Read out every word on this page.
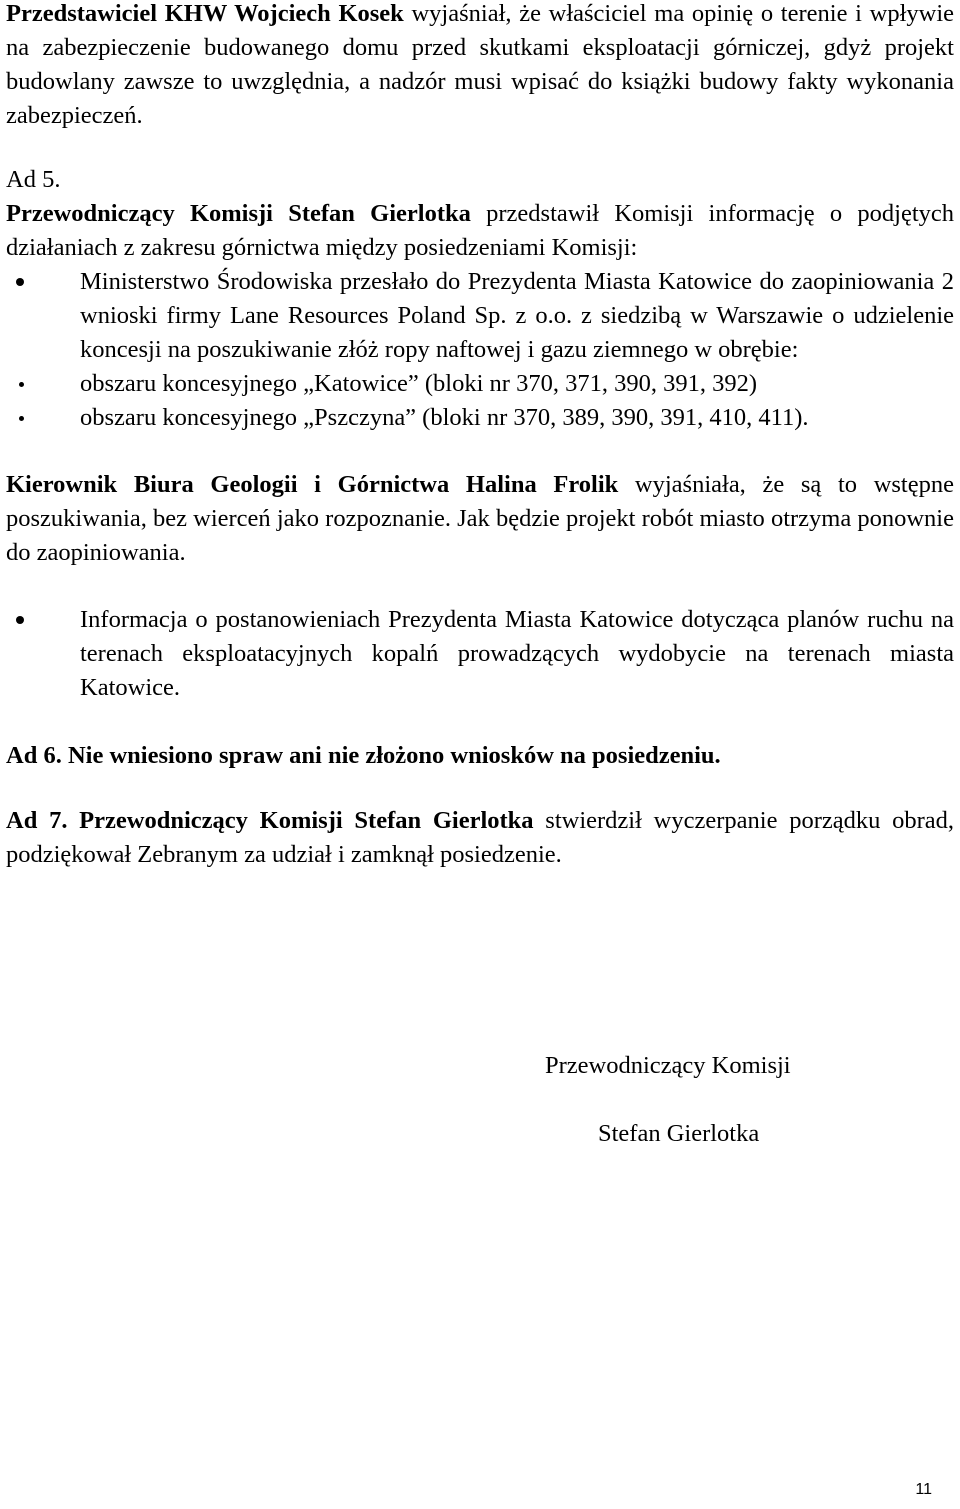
Przedstawiciel KHW Wojciech Kosek wyjaśniał, że właściciel ma opinię o terenie i wpływie na zabezpieczenie budowanego domu przed skutkami eksploatacji górniczej, gdyż projekt budowlany zawsze to uwzględnia, a nadzór musi wpisać do książki budowy fakty wykonania zabezpieczeń.

Ad 5.

Przewodniczący Komisji Stefan Gierlotka przedstawił Komisji informację o podjętych działaniach z zakresu górnictwa między posiedzeniami Komisji:

Ministerstwo Środowiska przesłało do Prezydenta Miasta Katowice do zaopiniowania 2 wnioski firmy Lane Resources Poland Sp. z o.o. z siedzibą w Warszawie o udzielenie koncesji na poszukiwanie złóż ropy naftowej i gazu ziemnego w obrębie:

obszaru koncesyjnego „Katowice” (bloki nr 370, 371, 390, 391, 392)

obszaru koncesyjnego „Pszczyna” (bloki nr 370, 389, 390, 391, 410, 411).

Kierownik Biura Geologii i Górnictwa Halina Frolik wyjaśniała, że są to wstępne poszukiwania, bez wierceń jako rozpoznanie. Jak będzie projekt robót miasto otrzyma ponownie do zaopiniowania.

Informacja o postanowieniach Prezydenta Miasta Katowice dotycząca planów ruchu na terenach eksploatacyjnych kopalń prowadzących wydobycie na terenach miasta Katowice.

Ad 6. Nie wniesiono spraw ani nie złożono wniosków na posiedzeniu.

Ad 7. Przewodniczący Komisji Stefan Gierlotka stwierdził wyczerpanie porządku obrad, podziękował Zebranym za udział i zamknął posiedzenie.

Przewodniczący Komisji

Stefan Gierlotka

11
